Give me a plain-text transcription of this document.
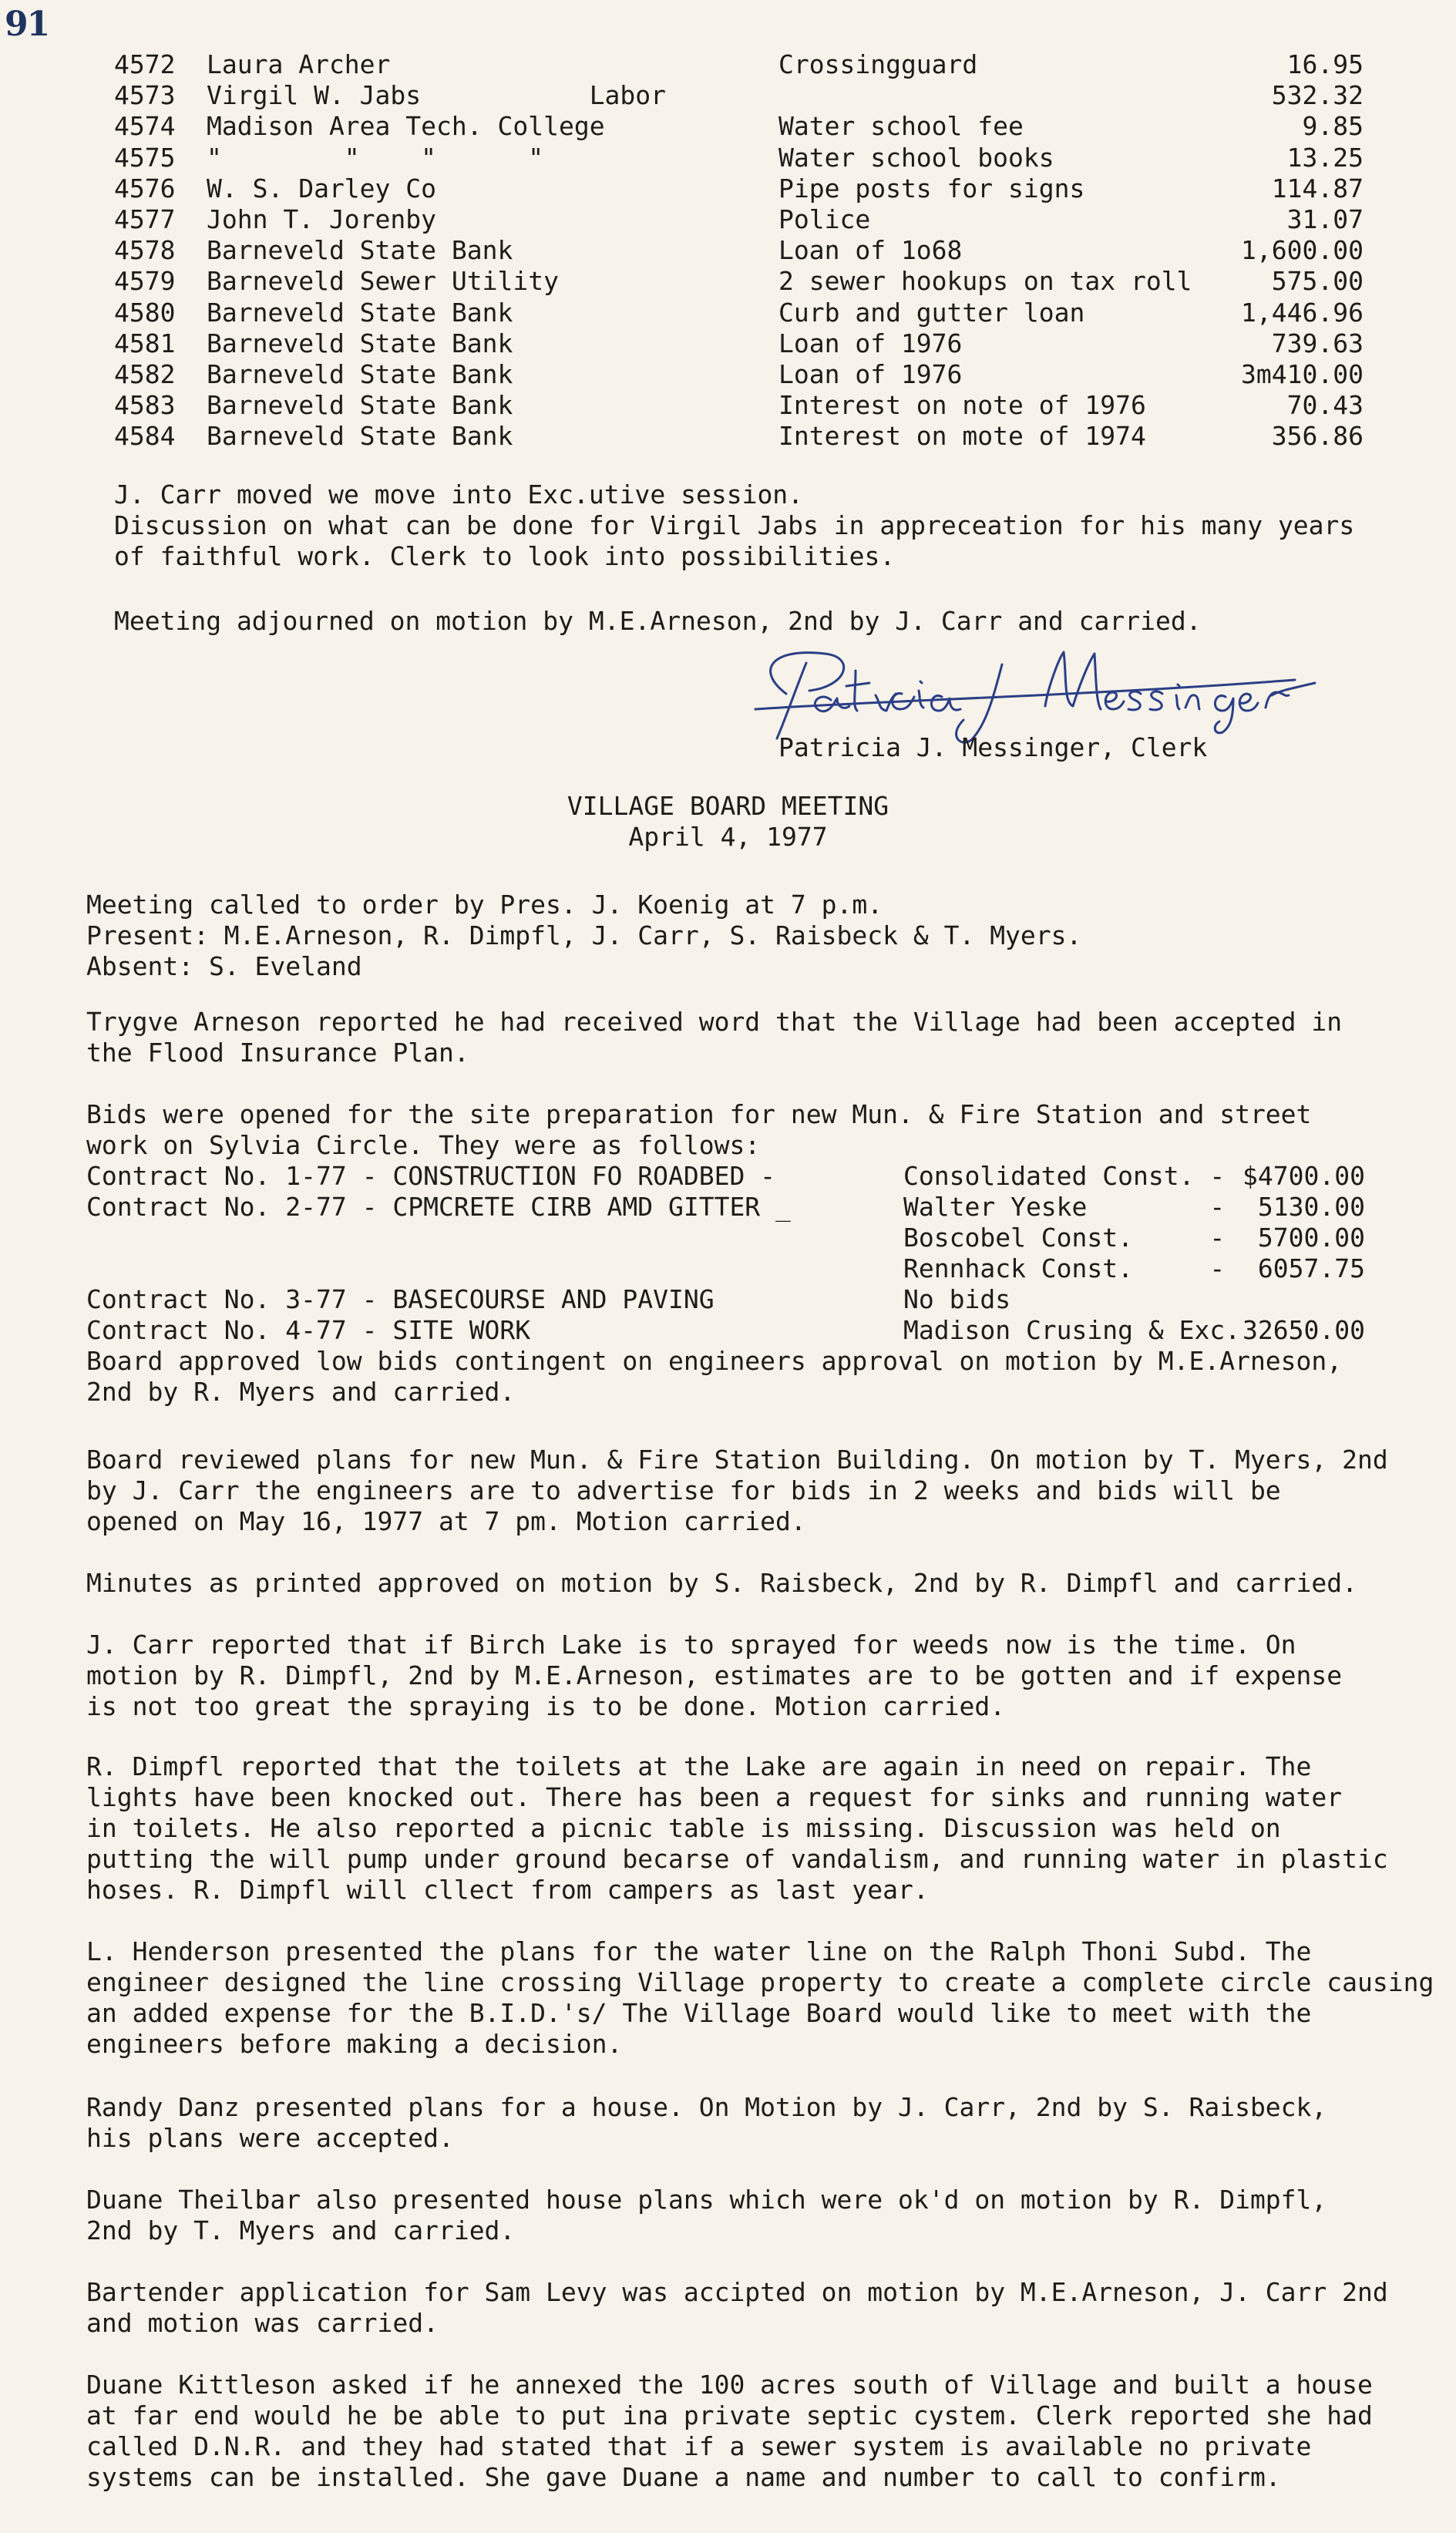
91
4572 Laura Archer	Crossingguard	16.95
4573 Virgil W. Jabs           Labor	532.32
4574 Madison Area Tech. College	Water school fee	9.85
4575 "        "    "      "	Water school books	13.25
4576 W. S. Darley Co	Pipe posts for signs	114.87
4577 John T. Jorenby	Police	31.07
4578 Barneveld State Bank	Loan of 1o68	1,600.00
4579 Barneveld Sewer Utility	2 sewer hookups on tax roll	575.00
4580 Barneveld State Bank	Curb and gutter loan	1,446.96
4581 Barneveld State Bank	Loan of 1976	739.63
4582 Barneveld State Bank	Loan of 1976	3m410.00
4583 Barneveld State Bank	Interest on note of 1976	70.43
4584 Barneveld State Bank	Interest on mote of 1974	356.86
J. Carr moved we move into Exc.utive session.
Discussion on what can be done for Virgil Jabs in appreceation for his many years
of faithful work. Clerk to look into possibilities.
Meeting adjourned on motion by M.E.Arneson, 2nd by J. Carr and carried.
Patricia J. Messinger, Clerk
VILLAGE BOARD MEETING
April 4, 1977
Meeting called to order by Pres. J. Koenig at 7 p.m.
Present: M.E.Arneson, R. Dimpfl, J. Carr, S. Raisbeck & T. Myers.
Absent: S. Eveland
Trygve Arneson reported he had received word that the Village had been accepted in
the Flood Insurance Plan.
Bids were opened for the site preparation for new Mun. & Fire Station and street
work on Sylvia Circle. They were as follows:
Contract No. 1-77 - CONSTRUCTION FO ROADBED -	Consolidated Const. - $4700.00
Contract No. 2-77 - CPMCRETE CIRB AMD GITTER _	Walter Yeske        - 5130.00
Boscobel Const.     - 5700.00
Rennhack Const.     - 6057.75
Contract No. 3-77 - BASECOURSE AND PAVING	No bids
Contract No. 4-77 - SITE WORK	Madison Crusing & Exc. 32650.00
Board approved low bids contingent on engineers approval on motion by M.E.Arneson,
2nd by R. Myers and carried.
Board reviewed plans for new Mun. & Fire Station Building. On motion by T. Myers, 2nd
by J. Carr the engineers are to advertise for bids in 2 weeks and bids will be
opened on May 16, 1977 at 7 pm. Motion carried.
Minutes as printed approved on motion by S. Raisbeck, 2nd by R. Dimpfl and carried.
J. Carr reported that if Birch Lake is to sprayed for weeds now is the time. On
motion by R. Dimpfl, 2nd by M.E.Arneson, estimates are to be gotten and if expense
is not too great the spraying is to be done. Motion carried.
R. Dimpfl reported that the toilets at the Lake are again in need on repair. The
lights have been knocked out. There has been a request for sinks and running water
in toilets. He also reported a picnic table is missing. Discussion was held on
putting the will pump under ground becarse of vandalism, and running water in plastic
hoses. R. Dimpfl will cllect from campers as last year.
L. Henderson presented the plans for the water line on the Ralph Thoni Subd. The
engineer designed the line crossing Village property to create a complete circle causing
an added expense for the B.I.D.'s/ The Village Board would like to meet with the
engineers before making a decision.
Randy Danz presented plans for a house. On Motion by J. Carr, 2nd by S. Raisbeck,
his plans were accepted.
Duane Theilbar also presented house plans which were ok'd on motion by R. Dimpfl,
2nd by T. Myers and carried.
Bartender application for Sam Levy was accipted on motion by M.E.Arneson, J. Carr 2nd
and motion was carried.
Duane Kittleson asked if he annexed the 100 acres south of Village and built a house
at far end would he be able to put ina private septic cystem. Clerk reported she had
called D.N.R. and they had stated that if a sewer system is available no private
systems can be installed. She gave Duane a name and number to call to confirm.
